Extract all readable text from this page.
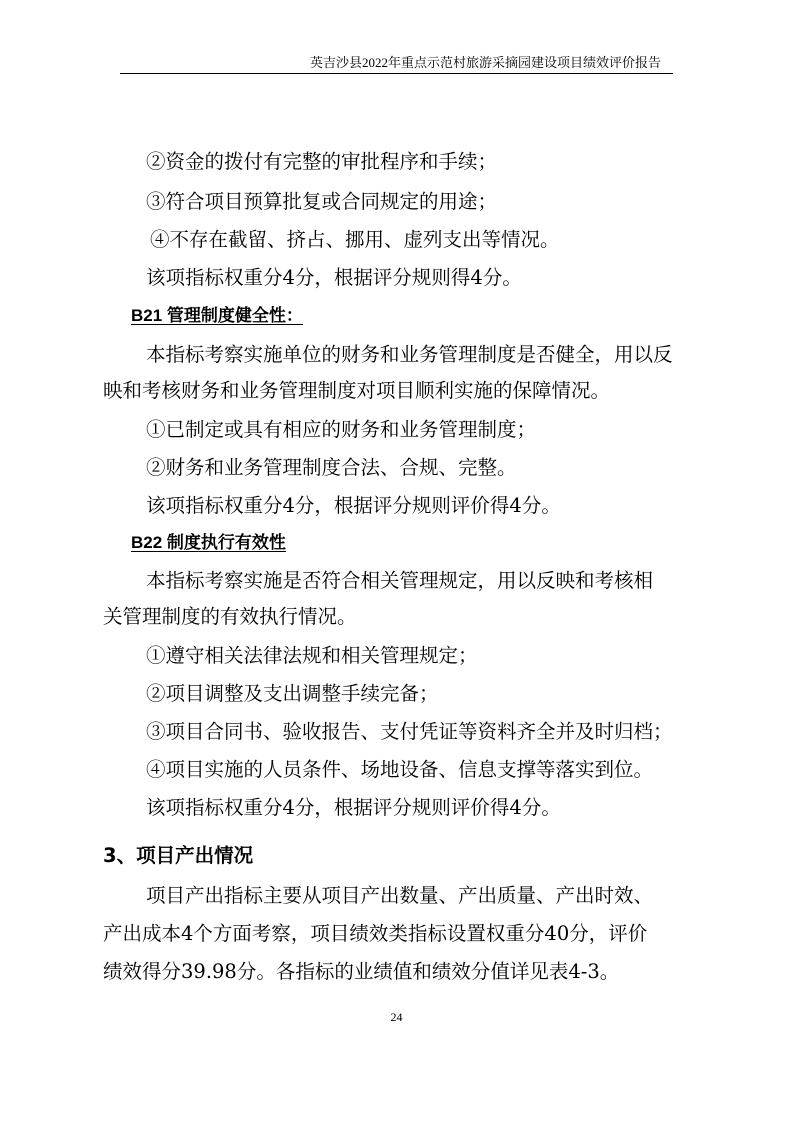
英吉沙县2022年重点示范村旅游采摘园建设项目绩效评价报告
②资金的拨付有完整的审批程序和手续；
③符合项目预算批复或合同规定的用途；
④不存在截留、挤占、挪用、虚列支出等情况。
该项指标权重分4分，根据评分规则得4分。
B21 管理制度健全性：
本指标考察实施单位的财务和业务管理制度是否健全，用以反
映和考核财务和业务管理制度对项目顺利实施的保障情况。
①已制定或具有相应的财务和业务管理制度；
②财务和业务管理制度合法、合规、完整。
该项指标权重分4分，根据评分规则评价得4分。
B22 制度执行有效性
本指标考察实施是否符合相关管理规定，用以反映和考核相
关管理制度的有效执行情况。
①遵守相关法律法规和相关管理规定；
②项目调整及支出调整手续完备；
③项目合同书、验收报告、支付凭证等资料齐全并及时归档；
④项目实施的人员条件、场地设备、信息支撑等落实到位。
该项指标权重分4分，根据评分规则评价得4分。
3、项目产出情况
项目产出指标主要从项目产出数量、产出质量、产出时效、
产出成本4个方面考察，项目绩效类指标设置权重分40分，评价
绩效得分39.98分。各指标的业绩值和绩效分值详见表4-3。
24
